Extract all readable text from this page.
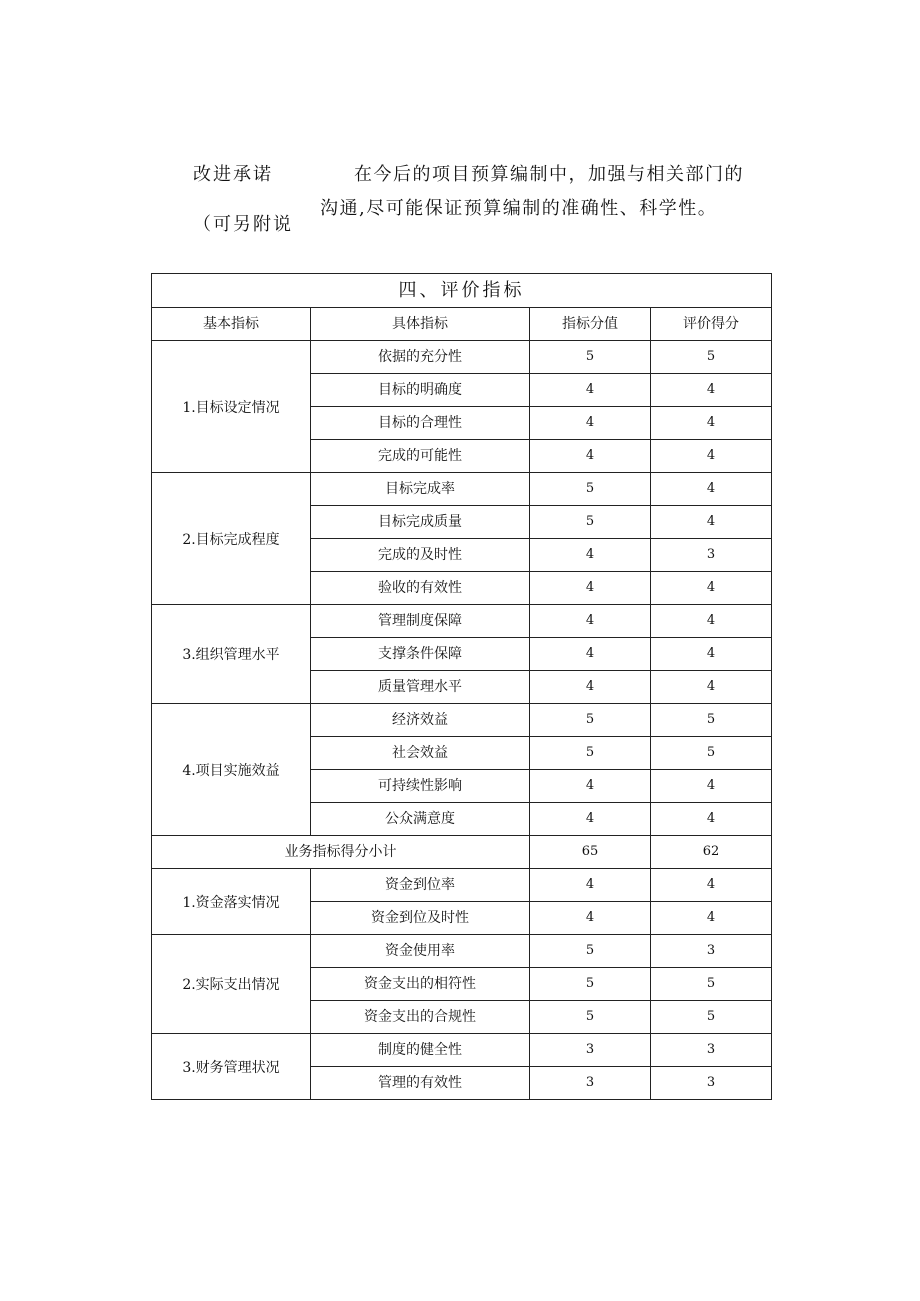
改进承诺
（可另附说
在今后的项目预算编制中，加强与相关部门的沟通,尽可能保证预算编制的准确性、科学性。
四、评价指标			
基本指标	具体指标	指标分值	评价得分
1.目标设定情况	依据的充分性	5	5
	目标的明确度	4	4
	目标的合理性	4	4
	完成的可能性	4	4
2.目标完成程度	目标完成率	5	4
	目标完成质量	5	4
	完成的及时性	4	3
	验收的有效性	4	4
3.组织管理水平	管理制度保障	4	4
	支撑条件保障	4	4
	质量管理水平	4	4
4.项目实施效益	经济效益	5	5
	社会效益	5	5
	可持续性影响	4	4
	公众满意度	4	4
业务指标得分小计		65	62
1.资金落实情况	资金到位率	4	4
	资金到位及时性	4	4
2.实际支出情况	资金使用率	5	3
	资金支出的相符性	5	5
	资金支出的合规性	5	5
3.财务管理状况	制度的健全性	3	3
	管理的有效性	3	3
